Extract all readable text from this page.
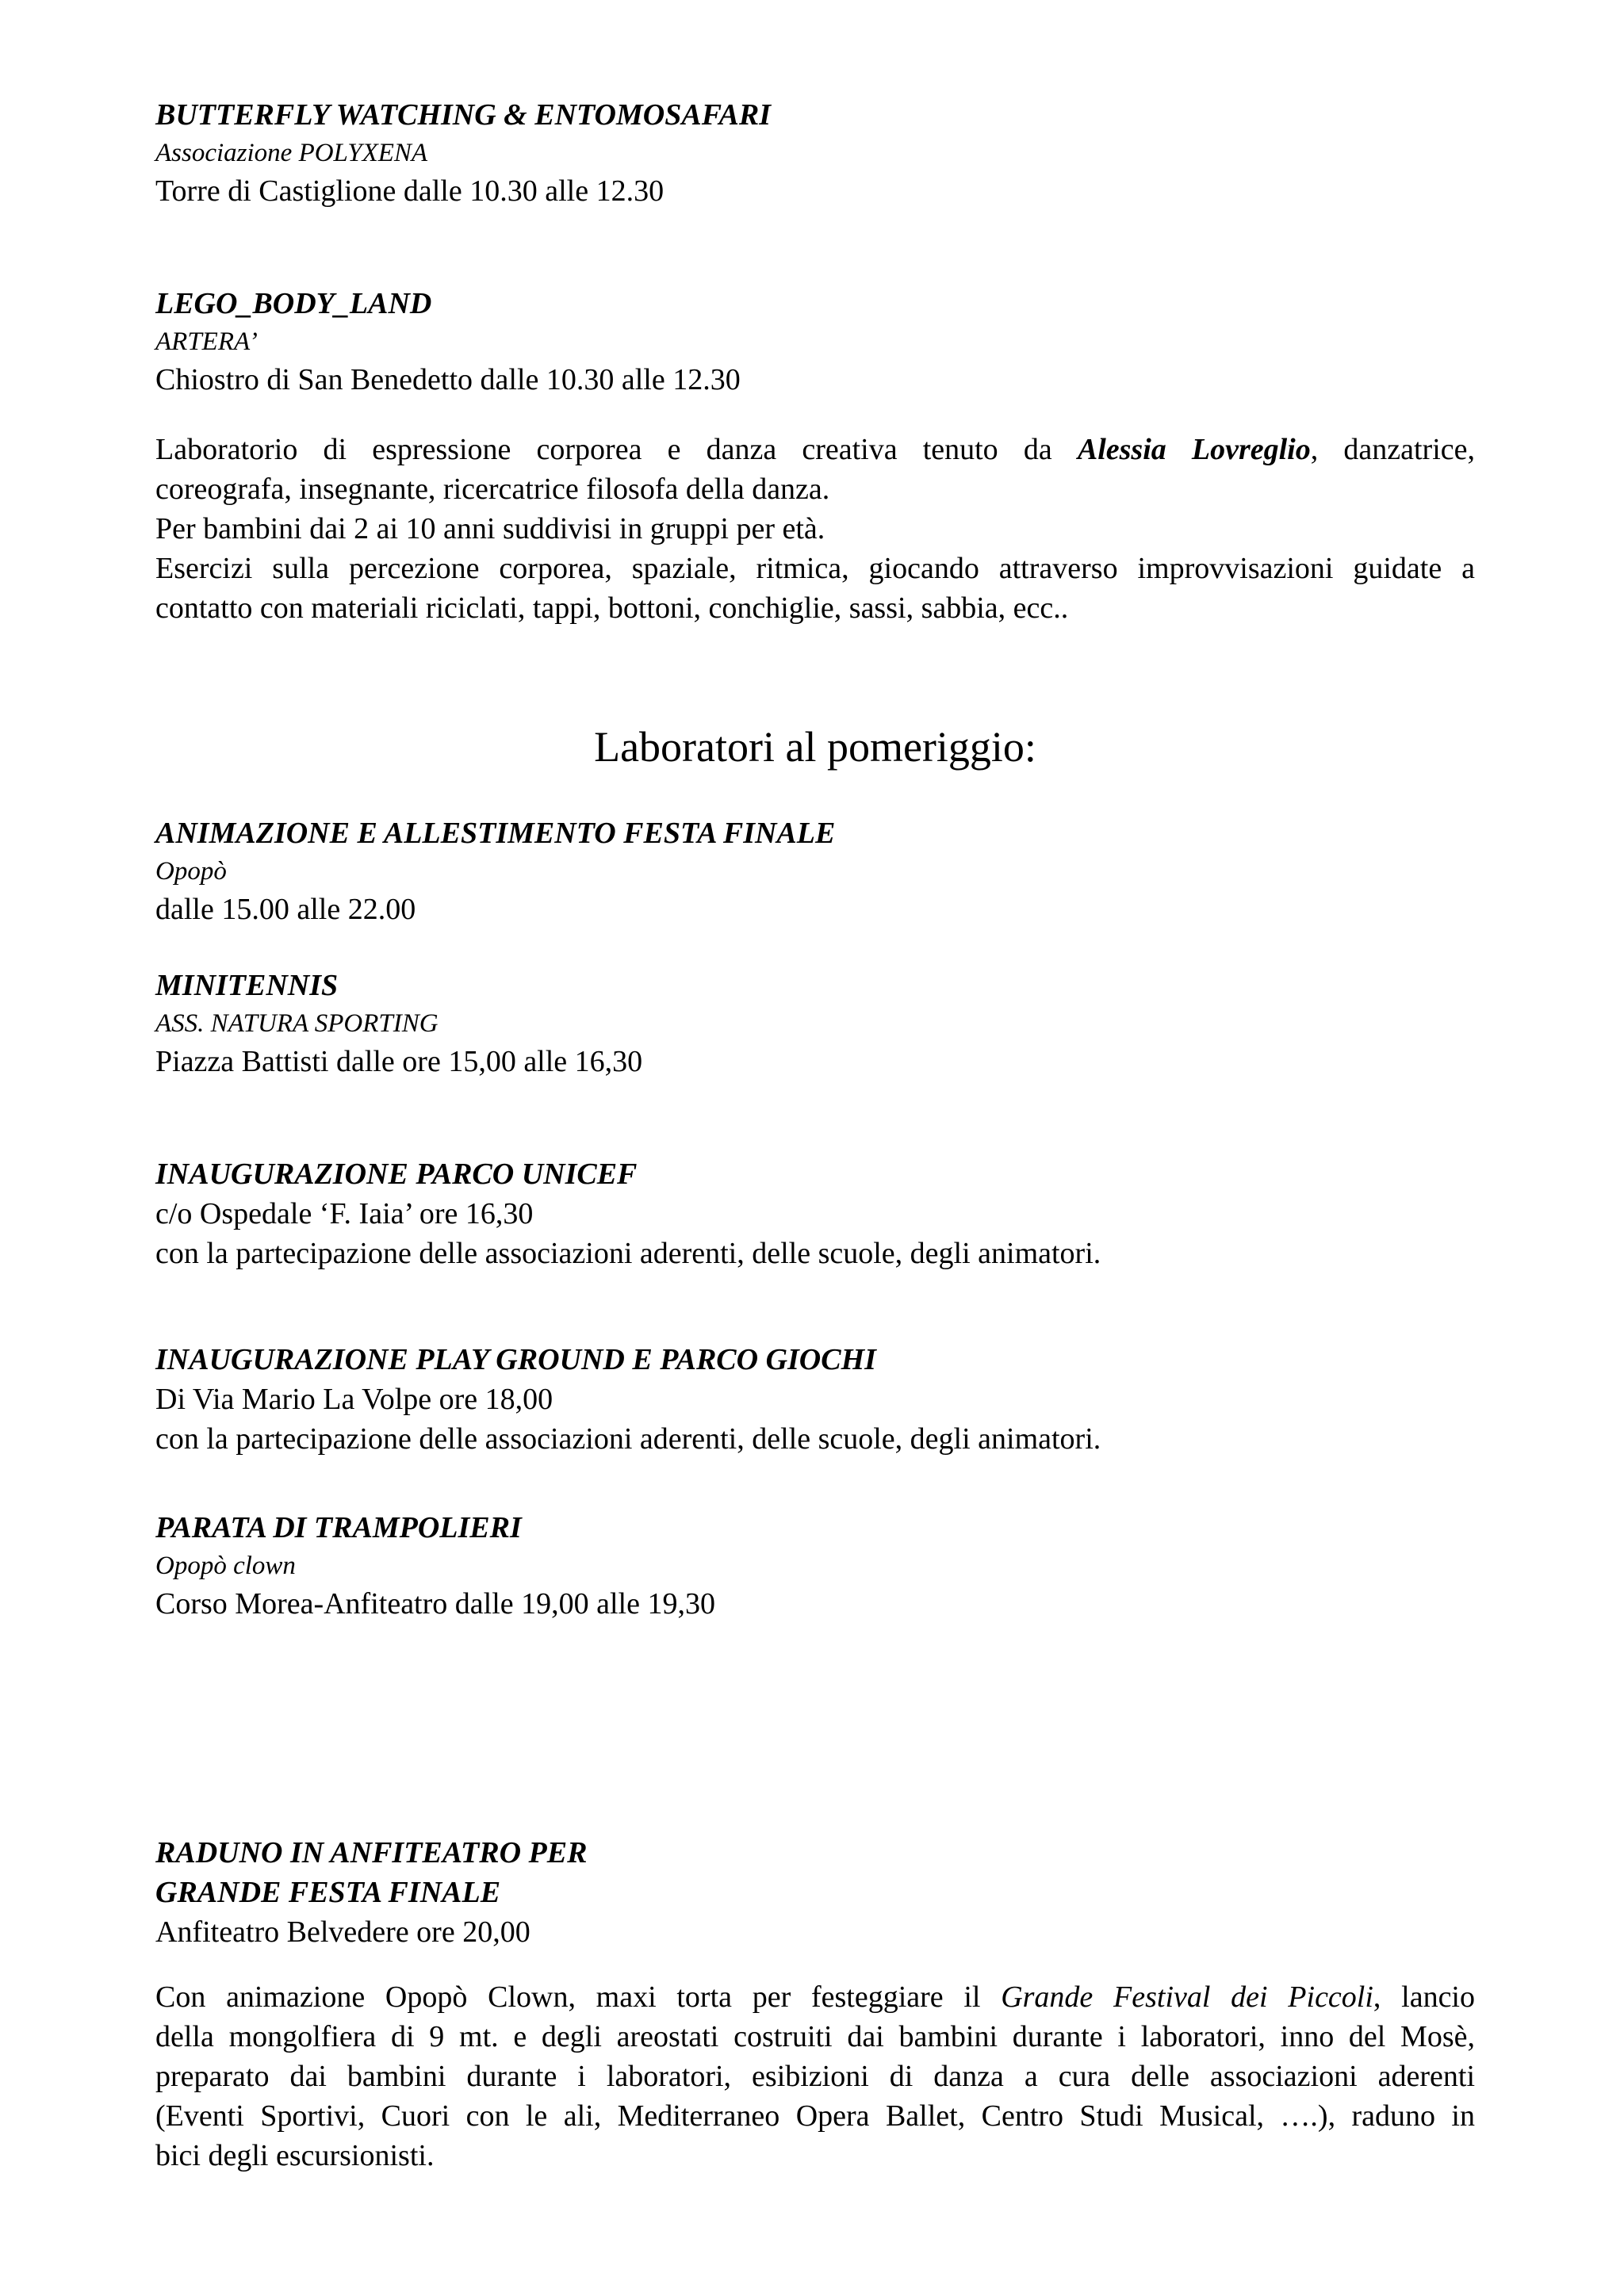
BUTTERFLY WATCHING & ENTOMOSAFARI
Associazione POLYXENA
Torre di Castiglione dalle 10.30 alle 12.30
LEGO_BODY_LAND
ARTERA’
Chiostro di San Benedetto dalle 10.30 alle 12.30
Laboratorio di espressione corporea e danza creativa tenuto da Alessia Lovreglio, danzatrice,
coreografa, insegnante, ricercatrice filosofa della danza.
Per bambini dai 2 ai 10 anni suddivisi in gruppi per età.
Esercizi sulla percezione corporea, spaziale, ritmica, giocando attraverso improvvisazioni guidate a
contatto con materiali riciclati, tappi, bottoni, conchiglie, sassi, sabbia, ecc..
Laboratori al pomeriggio:
ANIMAZIONE E ALLESTIMENTO FESTA FINALE
Opopò
dalle 15.00 alle 22.00
MINITENNIS
ASS. NATURA SPORTING
Piazza Battisti dalle ore 15,00 alle 16,30
INAUGURAZIONE PARCO UNICEF
c/o Ospedale ‘F. Iaia’ ore 16,30
con la partecipazione delle associazioni aderenti, delle scuole, degli animatori.
INAUGURAZIONE PLAY GROUND E PARCO GIOCHI
Di Via Mario La Volpe ore 18,00
con la partecipazione delle associazioni aderenti, delle scuole, degli animatori.
PARATA DI TRAMPOLIERI
Opopò clown
Corso Morea-Anfiteatro dalle 19,00 alle 19,30
RADUNO IN ANFITEATRO PER
GRANDE FESTA FINALE
Anfiteatro Belvedere ore 20,00
Con animazione Opopò Clown, maxi torta per festeggiare il Grande Festival dei Piccoli, lancio
della mongolfiera di 9 mt. e degli areostati costruiti dai bambini durante i laboratori, inno del Mosè,
preparato dai bambini durante i laboratori, esibizioni di danza a cura delle associazioni aderenti
(Eventi Sportivi, Cuori con le ali, Mediterraneo Opera Ballet, Centro Studi Musical, ….), raduno in
bici degli escursionisti.
